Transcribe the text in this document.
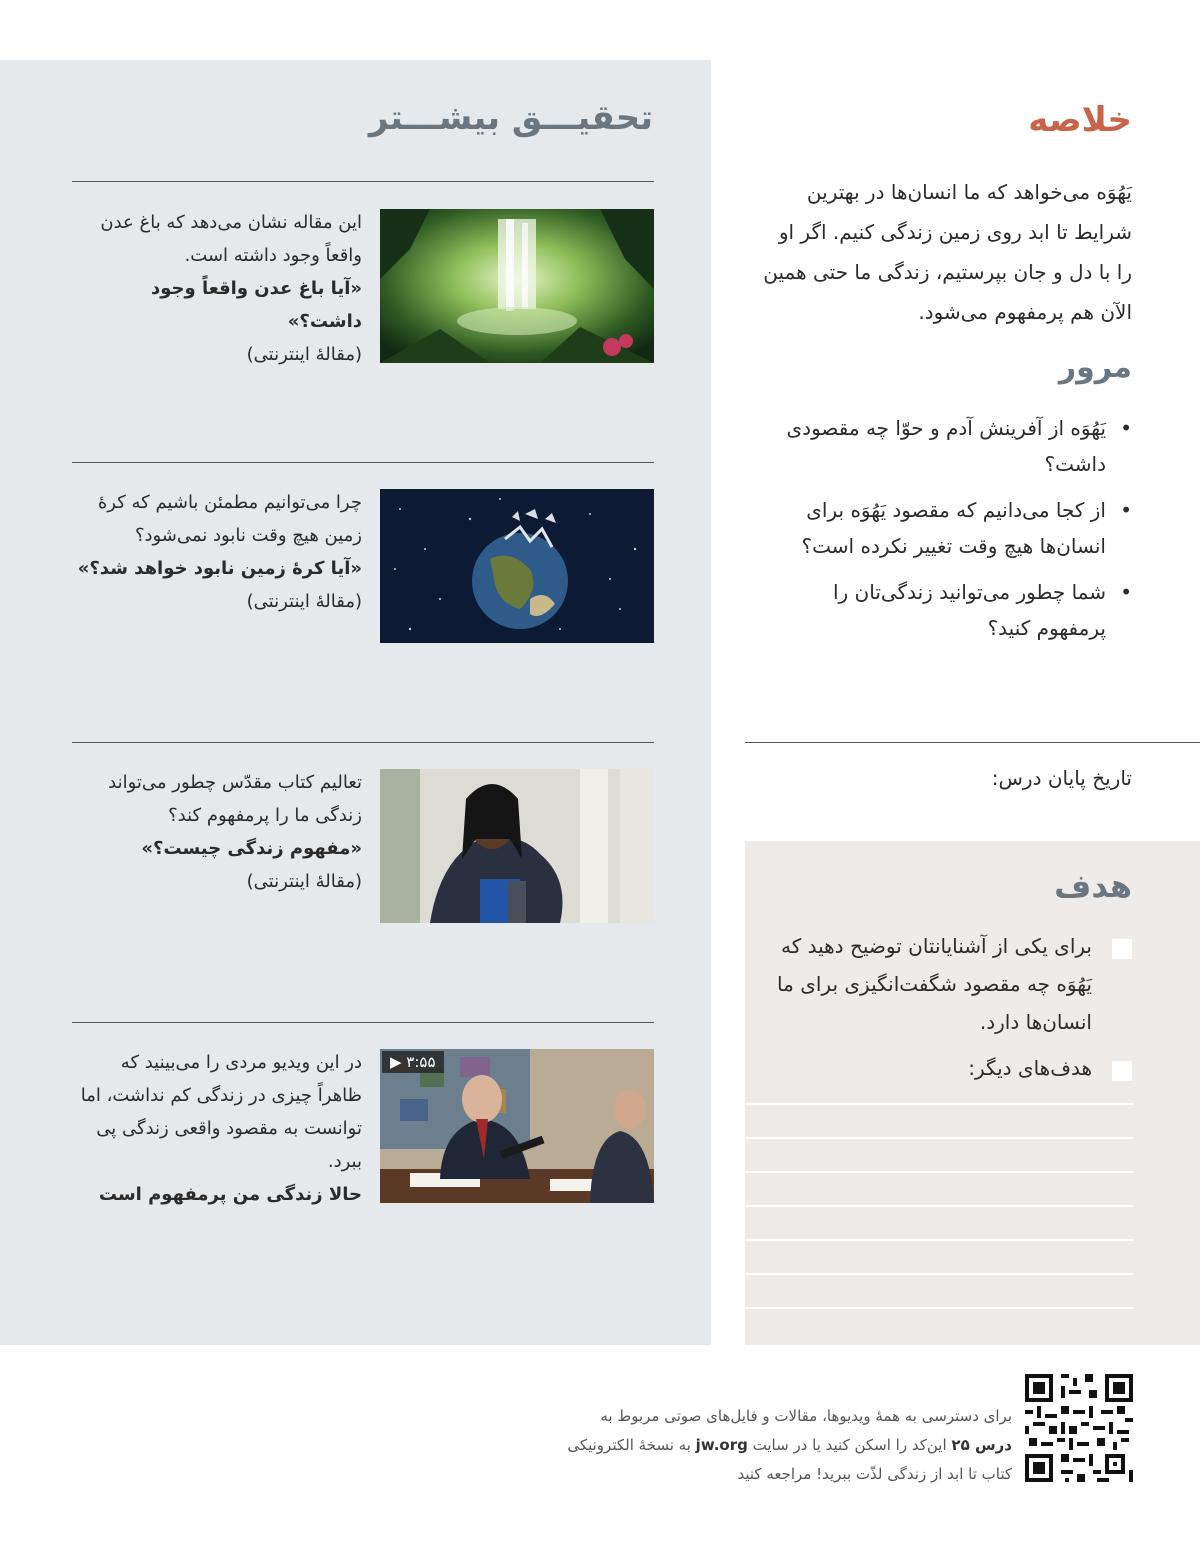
تحقیـــق بیشـــتر
این مقاله نشان می‌دهد که باغ عدن واقعاً وجود داشته است.
«آیا باغ عدن واقعاً وجود داشت؟»
(مقالهٔ اینترنتی)
چرا می‌توانیم مطمئن باشیم که کرهٔ زمین هیچ وقت نابود نمی‌شود؟
«آیا کرهٔ زمین نابود خواهد شد؟»
(مقالهٔ اینترنتی)
تعالیم کتاب مقدّس چطور می‌تواند زندگی ما را پرمفهوم کند؟
«مفهوم زندگی چیست؟»
(مقالهٔ اینترنتی)
▶ ۳:۵۵
در این ویدیو مردی را می‌بینید که ظاهراً چیزی در زندگی کم نداشت، اما توانست به مقصود واقعی زندگی پی ببرد.
حالا زندگی من پرمفهوم است
خلاصه
یَهُوَه می‌خواهد که ما انسان‌ها در بهترین شرایط تا ابد روی زمین زندگی کنیم. اگر او را با دل و جان بپرستیم، زندگی ما حتی همین الآن هم پرمفهوم می‌شود.
مرور
•
یَهُوَه از آفرینش آدم و حوّا چه مقصودی داشت؟
•
از کجا می‌دانیم که مقصود یَهُوَه برای انسان‌ها هیچ وقت تغییر نکرده است؟
•
شما چطور می‌توانید زندگی‌تان را پرمفهوم کنید؟
تاریخ پایان درس:
هدف
برای یکی از آشنایانتان توضیح دهید که یَهُوَه چه مقصود شگفت‌انگیزی برای ما انسان‌ها دارد.
هدف‌های دیگر:
برای دسترسی به همهٔ ویدیوها، مقالات و فایل‌های صوتی مربوط به
درس ۲۵ این‌کد را اسکن کنید یا در سایت jw.org به نسخهٔ الکترونیکی
کتاب تا ابد از زندگی لذّت ببرید! مراجعه کنید
